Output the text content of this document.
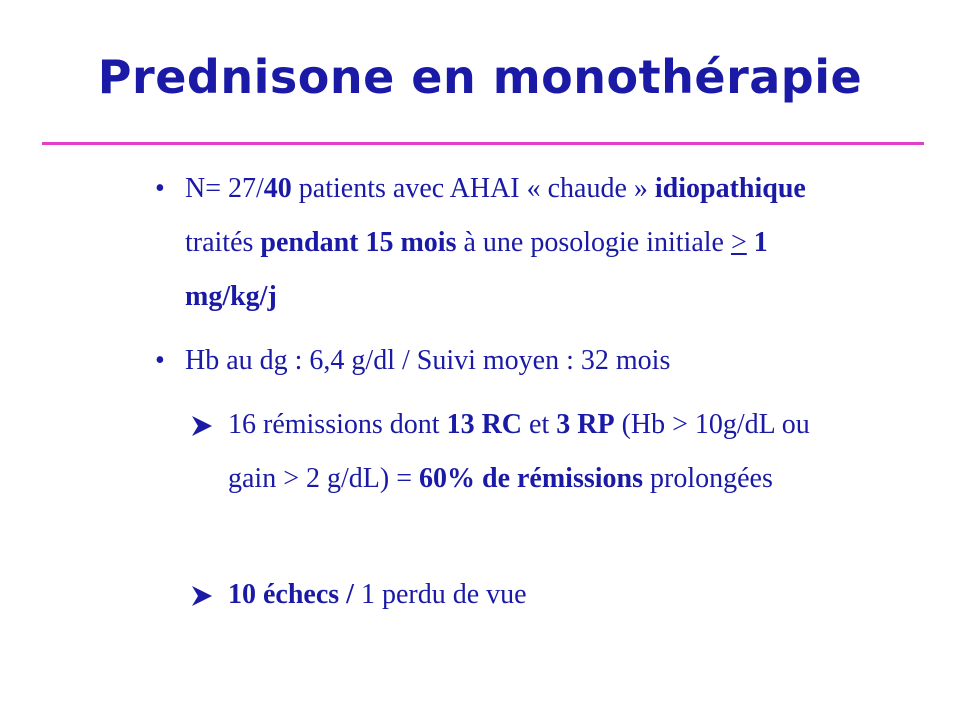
Prednisone en monothérapie
• N= 27/40 patients avec AHAI « chaude » idiopathique traités pendant 15 mois à une posologie initiale > 1 mg/kg/j
• Hb au dg : 6,4 g/dl / Suivi moyen : 32 mois
16 rémissions dont 13 RC et 3 RP (Hb > 10g/dL ou gain > 2 g/dL) = 60% de rémissions prolongées
10 échecs / 1 perdu de vue
